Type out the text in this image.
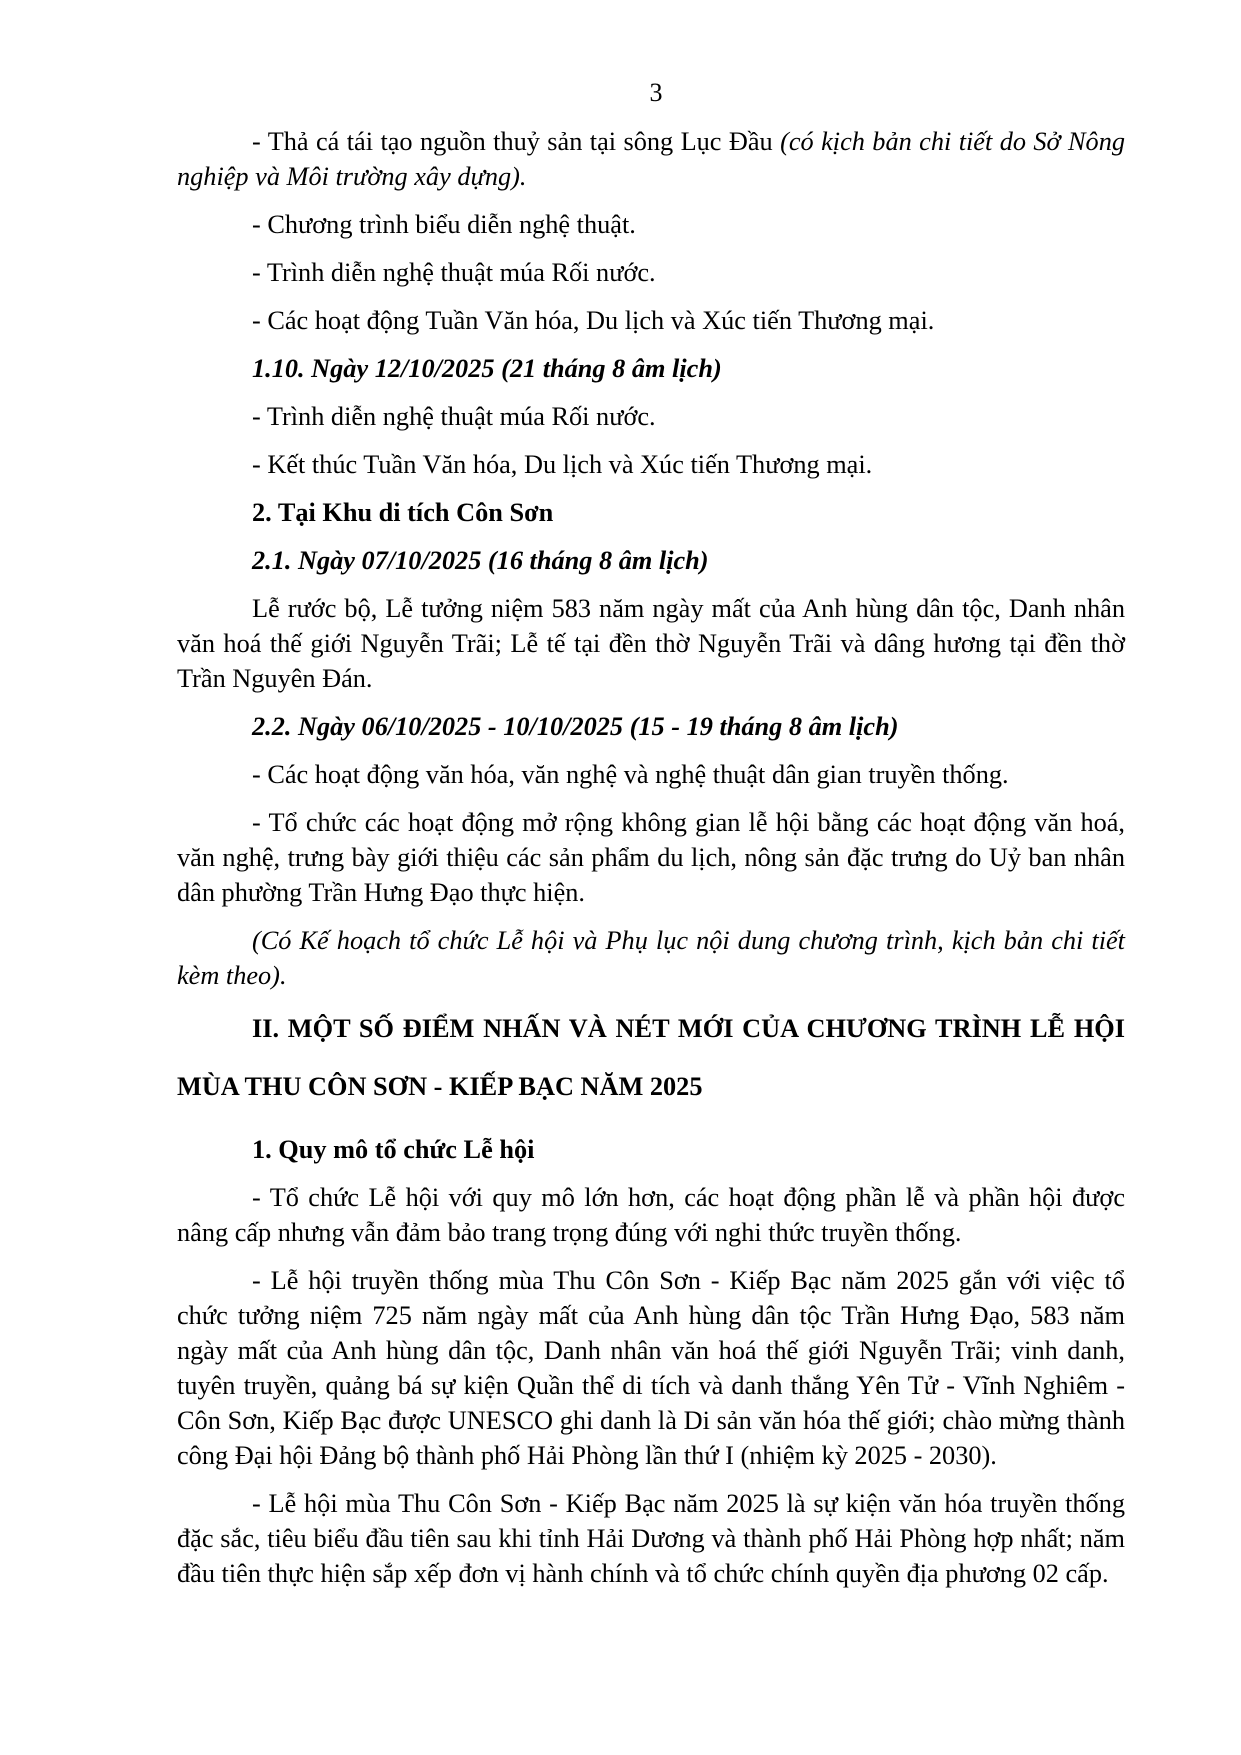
3

- Thả cá tái tạo nguồn thuỷ sản tại sông Lục Đầu (có kịch bản chi tiết do Sở Nông nghiệp và Môi trường xây dựng).

- Chương trình biểu diễn nghệ thuật.

- Trình diễn nghệ thuật múa Rối nước.

- Các hoạt động Tuần Văn hóa, Du lịch và Xúc tiến Thương mại.

1.10. Ngày 12/10/2025 (21 tháng 8 âm lịch)

- Trình diễn nghệ thuật múa Rối nước.

- Kết thúc Tuần Văn hóa, Du lịch và Xúc tiến Thương mại.

2. Tại Khu di tích Côn Sơn

2.1. Ngày 07/10/2025 (16 tháng 8 âm lịch)

Lễ rước bộ, Lễ tưởng niệm 583 năm ngày mất của Anh hùng dân tộc, Danh nhân văn hoá thế giới Nguyễn Trãi; Lễ tế tại đền thờ Nguyễn Trãi và dâng hương tại đền thờ Trần Nguyên Đán.

2.2. Ngày 06/10/2025 - 10/10/2025 (15 - 19 tháng 8 âm lịch)

- Các hoạt động văn hóa, văn nghệ và nghệ thuật dân gian truyền thống.

- Tổ chức các hoạt động mở rộng không gian lễ hội bằng các hoạt động văn hoá, văn nghệ, trưng bày giới thiệu các sản phẩm du lịch, nông sản đặc trưng do Uỷ ban nhân dân phường Trần Hưng Đạo thực hiện.

(Có Kế hoạch tổ chức Lễ hội và Phụ lục nội dung chương trình, kịch bản chi tiết kèm theo).

II. MỘT SỐ ĐIỂM NHẤN VÀ NÉT MỚI CỦA CHƯƠNG TRÌNH LỄ HỘI MÙA THU CÔN SƠN - KIẾP BẠC NĂM 2025

1. Quy mô tổ chức Lễ hội

- Tổ chức Lễ hội với quy mô lớn hơn, các hoạt động phần lễ và phần hội được nâng cấp nhưng vẫn đảm bảo trang trọng đúng với nghi thức truyền thống.

- Lễ hội truyền thống mùa Thu Côn Sơn - Kiếp Bạc năm 2025 gắn với việc tổ chức tưởng niệm 725 năm ngày mất của Anh hùng dân tộc Trần Hưng Đạo, 583 năm ngày mất của Anh hùng dân tộc, Danh nhân văn hoá thế giới Nguyễn Trãi; vinh danh, tuyên truyền, quảng bá sự kiện Quần thể di tích và danh thắng Yên Tử - Vĩnh Nghiêm - Côn Sơn, Kiếp Bạc được UNESCO ghi danh là Di sản văn hóa thế giới; chào mừng thành công Đại hội Đảng bộ thành phố Hải Phòng lần thứ I (nhiệm kỳ 2025 - 2030).

- Lễ hội mùa Thu Côn Sơn - Kiếp Bạc năm 2025 là sự kiện văn hóa truyền thống đặc sắc, tiêu biểu đầu tiên sau khi tỉnh Hải Dương và thành phố Hải Phòng hợp nhất; năm đầu tiên thực hiện sắp xếp đơn vị hành chính và tổ chức chính quyền địa phương 02 cấp.
